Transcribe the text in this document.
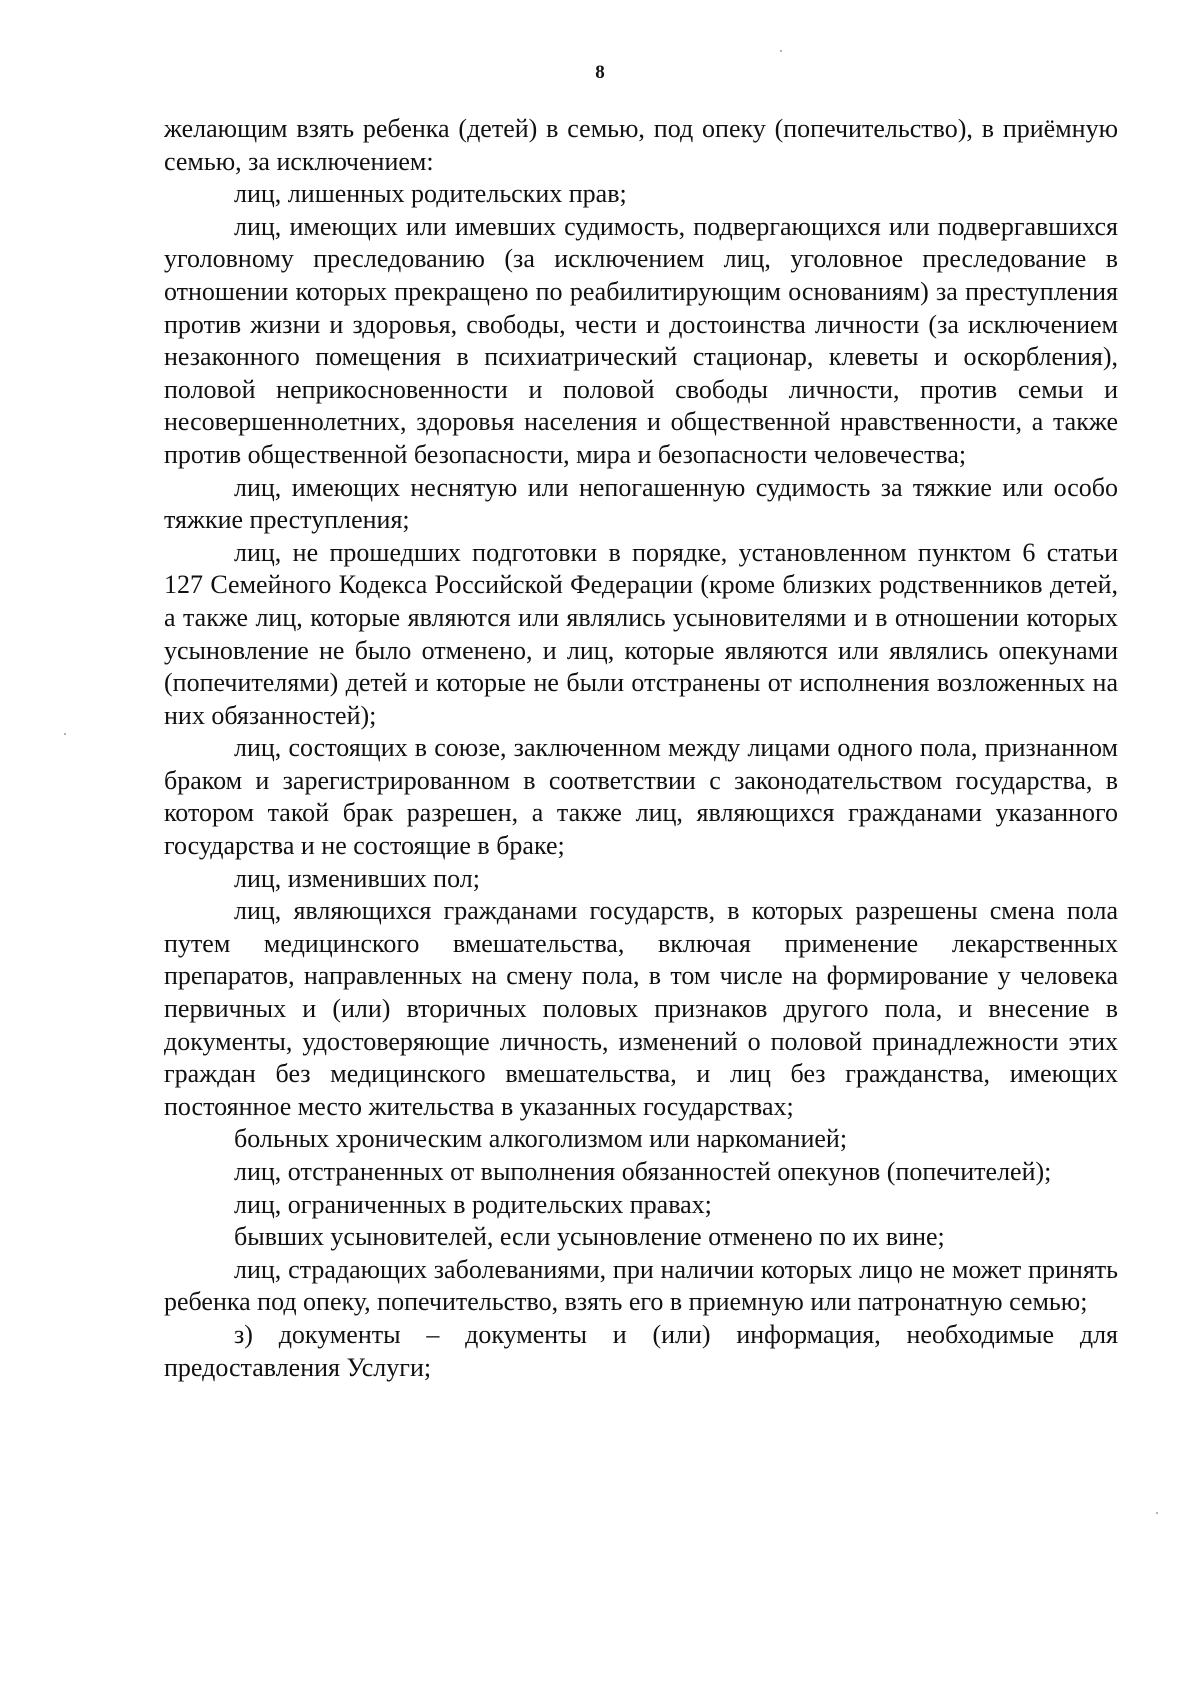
8

желающим взять ребенка (детей) в семью, под опеку (попечительство), в приёмную семью, за исключением:

лиц, лишенных родительских прав;

лиц, имеющих или имевших судимость, подвергающихся или подвергавшихся уголовному преследованию (за исключением лиц, уголовное преследование в отношении которых прекращено по реабилитирующим основаниям) за преступления против жизни и здоровья, свободы, чести и достоинства личности (за исключением незаконного помещения в психиатрический стационар, клеветы и оскорбления), половой неприкосновенности и половой свободы личности, против семьи и несовершеннолетних, здоровья населения и общественной нравственности, а также против общественной безопасности, мира и безопасности человечества;

лиц, имеющих неснятую или непогашенную судимость за тяжкие или особо тяжкие преступления;

лиц, не прошедших подготовки в порядке, установленном пунктом 6 статьи 127 Семейного Кодекса Российской Федерации (кроме близких родственников детей, а также лиц, которые являются или являлись усыновителями и в отношении которых усыновление не было отменено, и лиц, которые являются или являлись опекунами (попечителями) детей и которые не были отстранены от исполнения возложенных на них обязанностей);

лиц, состоящих в союзе, заключенном между лицами одного пола, признанном браком и зарегистрированном в соответствии с законодательством государства, в котором такой брак разрешен, а также лиц, являющихся гражданами указанного государства и не состоящие в браке;

лиц, изменивших пол;

лиц, являющихся гражданами государств, в которых разрешены смена пола путем медицинского вмешательства, включая применение лекарственных препаратов, направленных на смену пола, в том числе на формирование у человека первичных и (или) вторичных половых признаков другого пола, и внесение в документы, удостоверяющие личность, изменений о половой принадлежности этих граждан без медицинского вмешательства, и лиц без гражданства, имеющих постоянное место жительства в указанных государствах;

больных хроническим алкоголизмом или наркоманией;

лиц, отстраненных от выполнения обязанностей опекунов (попечителей);

лиц, ограниченных в родительских правах;

бывших усыновителей, если усыновление отменено по их вине;

лиц, страдающих заболеваниями, при наличии которых лицо не может принять ребенка под опеку, попечительство, взять его в приемную или патронатную семью;

з) документы – документы и (или) информация, необходимые для предоставления Услуги;
